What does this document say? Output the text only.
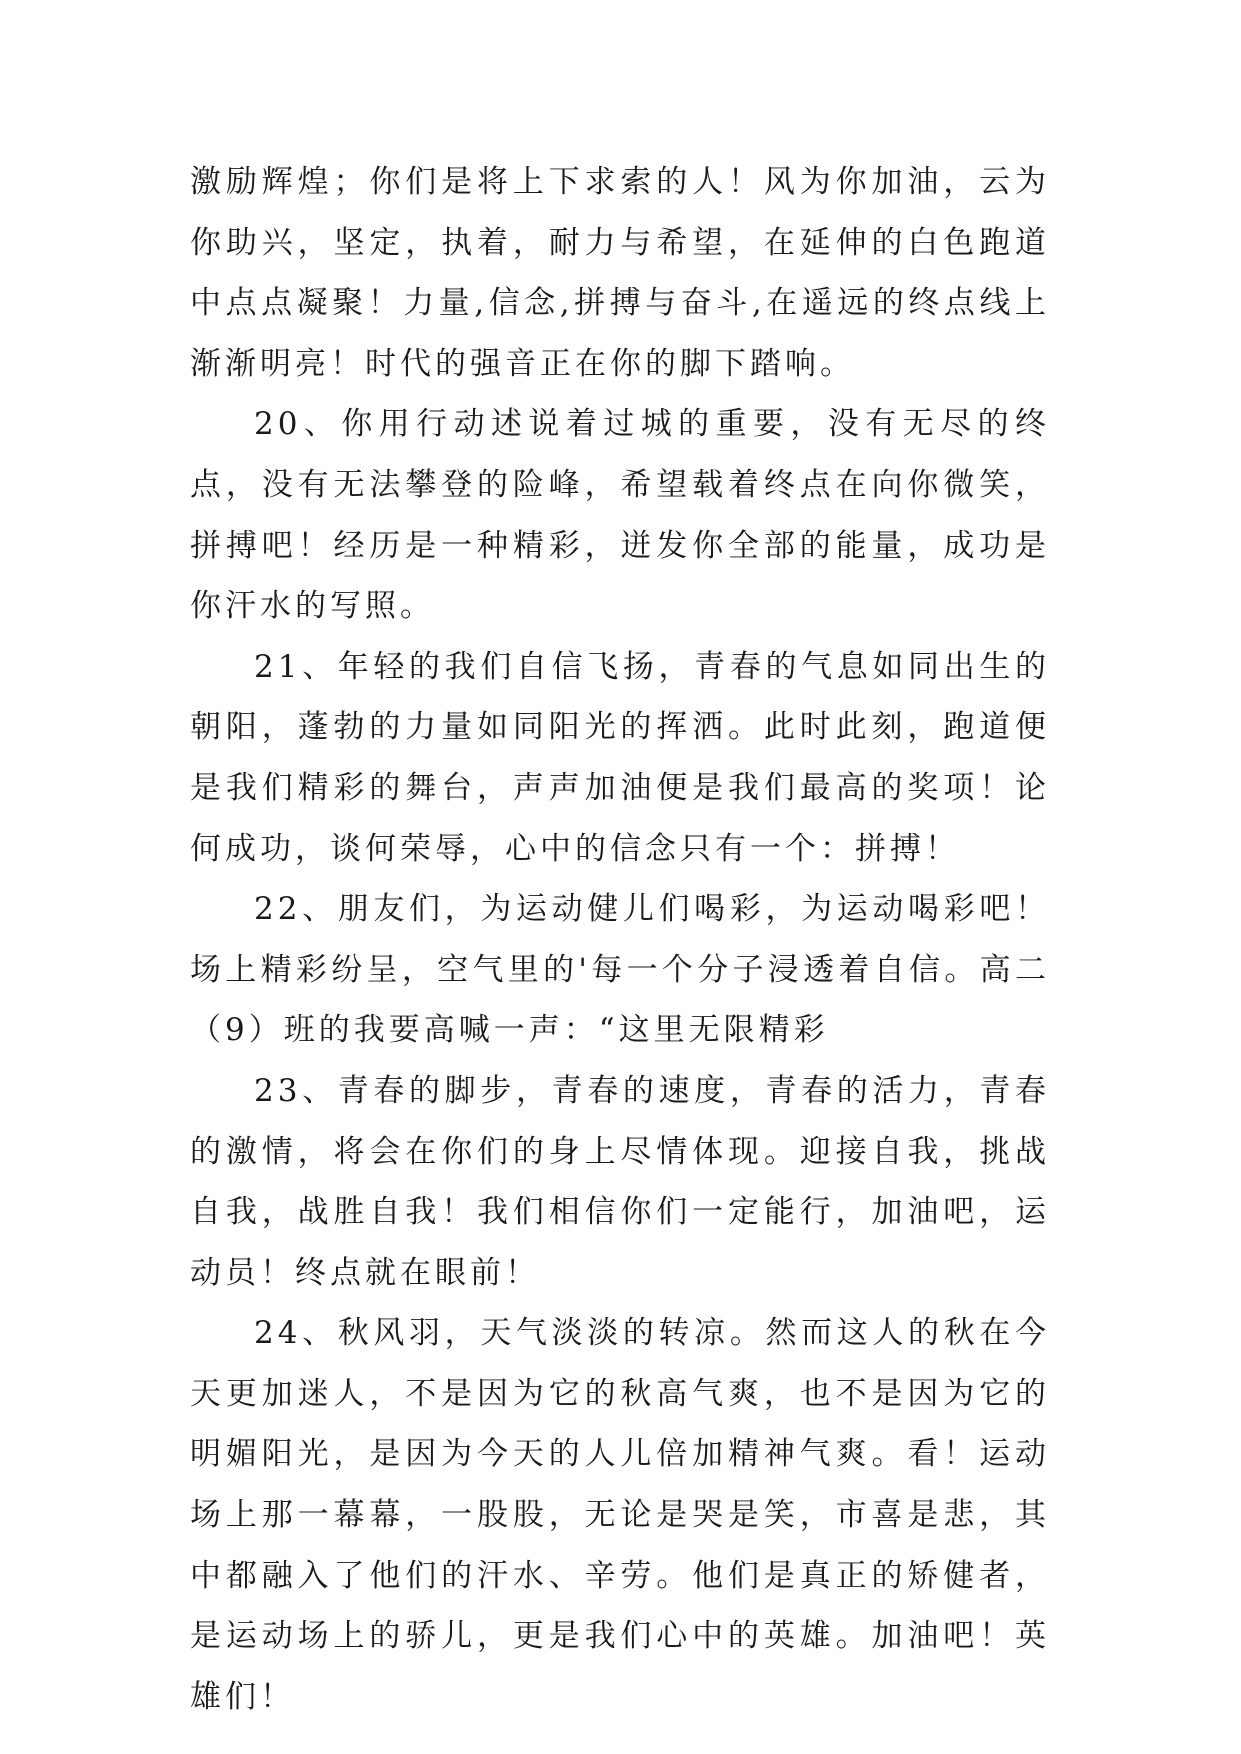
激励辉煌；你们是将上下求索的人！风为你加油，云为你助兴，坚定，执着，耐力与希望，在延伸的白色跑道中点点凝聚！力量,信念,拼搏与奋斗,在遥远的终点线上渐渐明亮！时代的强音正在你的脚下踏响。

20、你用行动述说着过城的重要，没有无尽的终点，没有无法攀登的险峰，希望载着终点在向你微笑，拼搏吧！经历是一种精彩，迸发你全部的能量，成功是你汗水的写照。

21、年轻的我们自信飞扬，青春的气息如同出生的朝阳，蓬勃的力量如同阳光的挥洒。此时此刻，跑道便是我们精彩的舞台，声声加油便是我们最高的奖项！论何成功，谈何荣辱，心中的信念只有一个：拼搏！

22、朋友们，为运动健儿们喝彩，为运动喝彩吧！场上精彩纷呈，空气里的'每一个分子浸透着自信。高二（9）班的我要高喊一声：“这里无限精彩

23、青春的脚步，青春的速度，青春的活力，青春的激情，将会在你们的身上尽情体现。迎接自我，挑战自我，战胜自我！我们相信你们一定能行，加油吧，运动员！终点就在眼前！

24、秋风羽，天气淡淡的转凉。然而这人的秋在今天更加迷人，不是因为它的秋高气爽，也不是因为它的明媚阳光，是因为今天的人儿倍加精神气爽。看！运动场上那一幕幕，一股股，无论是哭是笑，市喜是悲，其中都融入了他们的汗水、辛劳。他们是真正的矫健者，是运动场上的骄儿，更是我们心中的英雄。加油吧！英雄们！
